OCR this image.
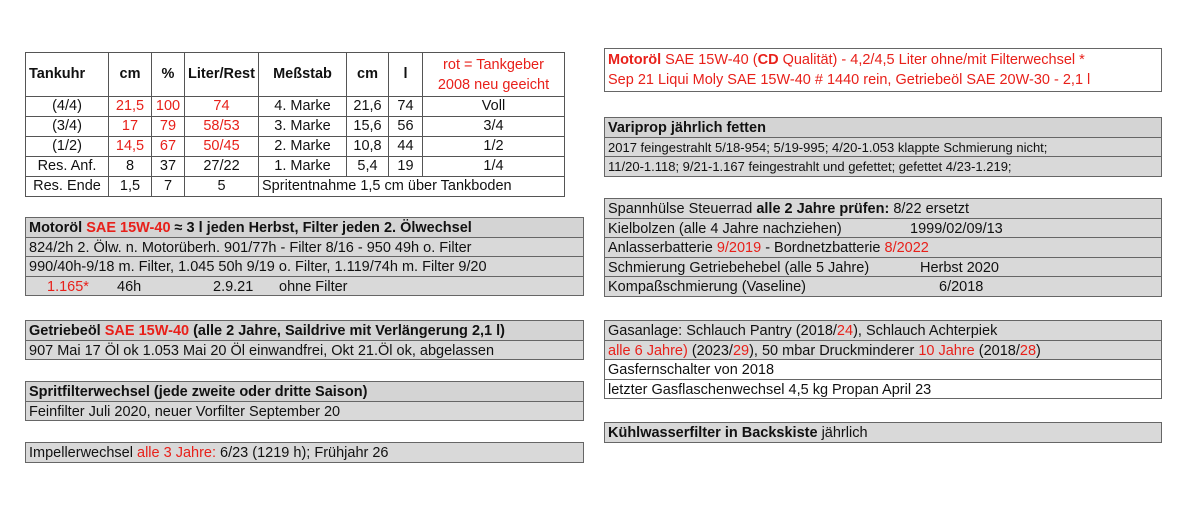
Tankuhr	cm	%	Liter/Rest	Meßstab	cm	l	rot = Tankgeber
2008 neu geeicht

(4/4)	21,5	100	74	4. Marke	21,6	74	Voll
(3/4)	17	79	58/53	3. Marke	15,6	56	3/4
(1/2)	14,5	67	50/45	2. Marke	10,8	44	1/2
Res. Anf.	8	37	27/22	1. Marke	5,4	19	1/4
Res. Ende	1,5	7	5	Spritentnahme 1,5 cm über Tankboden			
Motoröl SAE 15W-40 ≈ 3 l jeden Herbst, Filter jeden 2. Ölwechsel
824/2h 2. Ölw. n. Motorüberh. 901/77h - Filter 8/16 - 950 49h o. Filter
990/40h-9/18 m. Filter, 1.045 50h 9/19 o. Filter, 1.119/74h m. Filter 9/20
1.165* 46h	2.9.21 ohne Filter
Getriebeöl SAE 15W-40 (alle 2 Jahre, Saildrive mit Verlängerung 2,1 l)
907 Mai 17 Öl ok 1.053 Mai 20 Öl einwandfrei, Okt 21.Öl ok, abgelassen
Spritfilterwechsel (jede zweite oder dritte Saison)
Feinfilter Juli 2020, neuer Vorfilter September 20
Impellerwechsel alle 3 Jahre: 6/23 (1219 h); Frühjahr 26
Motoröl SAE 15W-40 (CD Qualität) - 4,2/4,5 Liter ohne/mit Filterwechsel *
Sep 21 Liqui Moly SAE 15W-40 # 1440 rein, Getriebeöl SAE 20W-30 - 2,1 l
Variprop jährlich fetten
2017 feingestrahlt 5/18-954; 5/19-995; 4/20-1.053 klappte Schmierung nicht;
11/20-1.118; 9/21-1.167 feingestrahlt und gefettet; gefettet 4/23-1.219;
Spannhülse Steuerrad alle 2 Jahre prüfen: 8/22 ersetzt
Kielbolzen (alle 4 Jahre nachziehen)	1999/02/09/13
Anlasserbatterie 9/2019 - Bordnetzbatterie 8/2022
Schmierung Getriebehebel (alle 5 Jahre)	Herbst 2020
Kompaßschmierung (Vaseline)	6/2018
Gasanlage: Schlauch Pantry (2018/24), Schlauch Achterpiek
alle 6 Jahre) (2023/29), 50 mbar Druckminderer 10 Jahre (2018/28)
Gasfernschalter von 2018
letzter Gasflaschenwechsel 4,5 kg Propan April 23
Kühlwasserfilter in Backskiste jährlich
